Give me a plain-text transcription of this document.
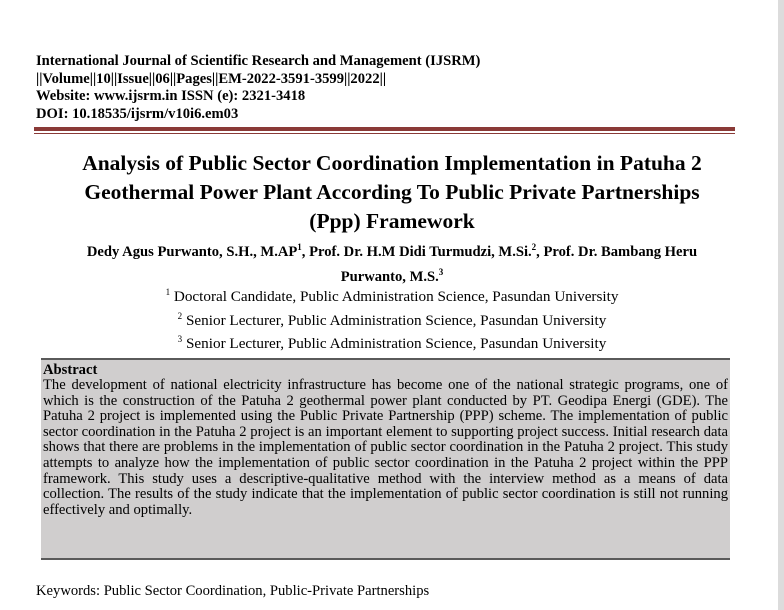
International Journal of Scientific Research and Management (IJSRM)
||Volume||10||Issue||06||Pages||EM-2022-3591-3599||2022||
Website: www.ijsrm.in ISSN (e): 2321-3418
DOI: 10.18535/ijsrm/v10i6.em03
Analysis of Public Sector Coordination Implementation in Patuha 2
Geothermal Power Plant According To Public Private Partnerships
(Ppp) Framework
Dedy Agus Purwanto, S.H., $M.AP^1$, Prof. Dr. H.M Didi Turmudzi, M.Si.$^2$, Prof. Dr. Bambang Heru
Purwanto, M.S.$^3$
$^1$ Doctoral Candidate, Public Administration Science, Pasundan University
$^2$ Senior Lecturer, Public Administration Science, Pasundan University
$^3$ Senior Lecturer, Public Administration Science, Pasundan University
Abstract
The development of national electricity infrastructure has become one of the national strategic programs, one of which is the construction of the Patuha 2 geothermal power plant conducted by PT. Geodipa Energi (GDE). The Patuha 2 project is implemented using the Public Private Partnership (PPP) scheme. The implementation of public sector coordination in the Patuha 2 project is an important element to supporting project success. Initial research data shows that there are problems in the implementation of public sector coordination in the Patuha 2 project. This study attempts to analyze how the implementation of public sector coordination in the Patuha 2 project within the PPP framework. This study uses a descriptive-qualitative method with the interview method as a means of data collection. The results of the study indicate that the implementation of public sector coordination is still not running effectively and optimally.
Keywords: Public Sector Coordination, Public-Private Partnerships
